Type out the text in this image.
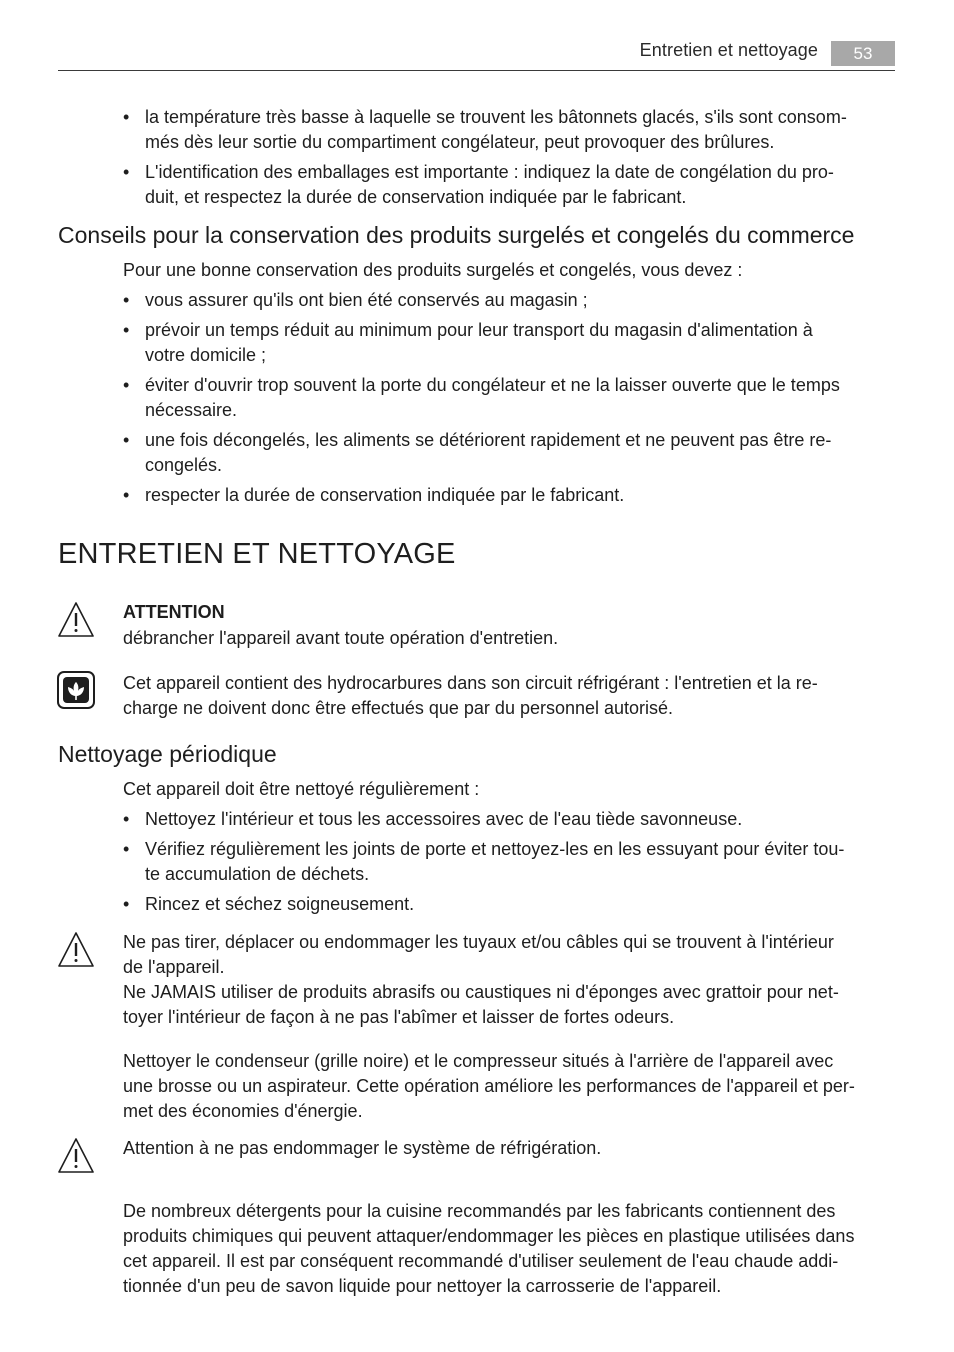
Entretien et nettoyage	53
• la température très basse à laquelle se trouvent les bâtonnets glacés, s'ils sont consom-
més dès leur sortie du compartiment congélateur, peut provoquer des brûlures.
• L'identification des emballages est importante : indiquez la date de congélation du pro-
duit, et respectez la durée de conservation indiquée par le fabricant.
Conseils pour la conservation des produits surgelés et congelés du commerce
Pour une bonne conservation des produits surgelés et congelés, vous devez :
• vous assurer qu'ils ont bien été conservés au magasin ;
• prévoir un temps réduit au minimum pour leur transport du magasin d'alimentation à
votre domicile ;
• éviter d'ouvrir trop souvent la porte du congélateur et ne la laisser ouverte que le temps
nécessaire.
• une fois décongelés, les aliments se détériorent rapidement et ne peuvent pas être re-
congelés.
• respecter la durée de conservation indiquée par le fabricant.
ENTRETIEN ET NETTOYAGE
ATTENTION
débrancher l'appareil avant toute opération d'entretien.
Cet appareil contient des hydrocarbures dans son circuit réfrigérant : l'entretien et la re-
charge ne doivent donc être effectués que par du personnel autorisé.
Nettoyage périodique
Cet appareil doit être nettoyé régulièrement :
• Nettoyez l'intérieur et tous les accessoires avec de l'eau tiède savonneuse.
• Vérifiez régulièrement les joints de porte et nettoyez-les en les essuyant pour éviter tou-
te accumulation de déchets.
• Rincez et séchez soigneusement.
Ne pas tirer, déplacer ou endommager les tuyaux et/ou câbles qui se trouvent à l'intérieur
de l'appareil.
Ne JAMAIS utiliser de produits abrasifs ou caustiques ni d'éponges avec grattoir pour net-
toyer l'intérieur de façon à ne pas l'abîmer et laisser de fortes odeurs.
Nettoyer le condenseur (grille noire) et le compresseur situés à l'arrière de l'appareil avec
une brosse ou un aspirateur. Cette opération améliore les performances de l'appareil et per-
met des économies d'énergie.
Attention à ne pas endommager le système de réfrigération.
De nombreux détergents pour la cuisine recommandés par les fabricants contiennent des
produits chimiques qui peuvent attaquer/endommager les pièces en plastique utilisées dans
cet appareil. Il est par conséquent recommandé d'utiliser seulement de l'eau chaude addi-
tionnée d'un peu de savon liquide pour nettoyer la carrosserie de l'appareil.
